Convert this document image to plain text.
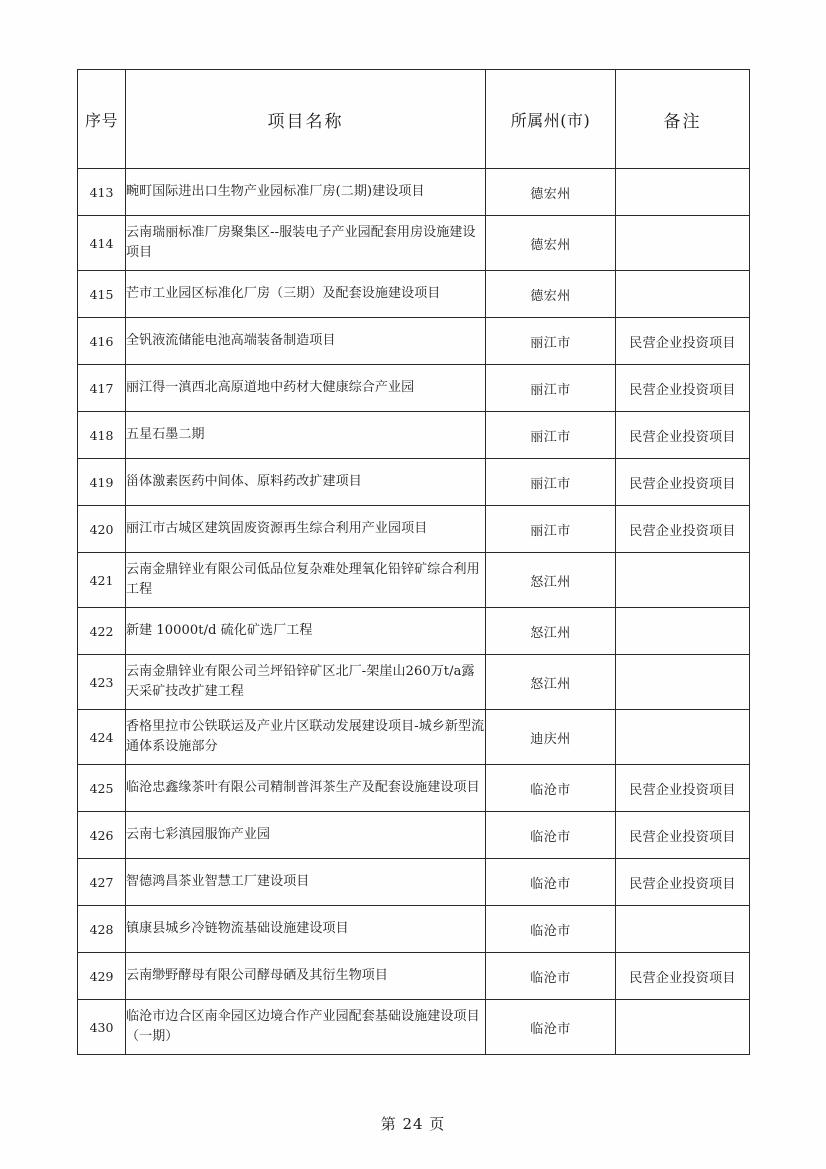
序号	项目名称	所属州(市)	备注
413	畹町国际进出口生物产业园标准厂房(二期)建设项目	德宏州	
414	云南瑞丽标准厂房聚集区--服装电子产业园配套用房设施建设项目	德宏州	
415	芒市工业园区标准化厂房（三期）及配套设施建设项目	德宏州	
416	全钒液流储能电池高端装备制造项目	丽江市	民营企业投资项目
417	丽江得一滇西北高原道地中药材大健康综合产业园	丽江市	民营企业投资项目
418	五星石墨二期	丽江市	民营企业投资项目
419	甾体激素医药中间体、原料药改扩建项目	丽江市	民营企业投资项目
420	丽江市古城区建筑固废资源再生综合利用产业园项目	丽江市	民营企业投资项目
421	云南金鼎锌业有限公司低品位复杂难处理氧化铅锌矿综合利用工程	怒江州	
422	新建 10000t/d 硫化矿选厂工程	怒江州	
423	云南金鼎锌业有限公司兰坪铅锌矿区北厂-架崖山260万t/a露天采矿技改扩建工程	怒江州	
424	香格里拉市公铁联运及产业片区联动发展建设项目-城乡新型流通体系设施部分	迪庆州	
425	临沧忠鑫缘茶叶有限公司精制普洱茶生产及配套设施建设项目	临沧市	民营企业投资项目
426	云南七彩滇园服饰产业园	临沧市	民营企业投资项目
427	智德鸿昌茶业智慧工厂建设项目	临沧市	民营企业投资项目
428	镇康县城乡冷链物流基础设施建设项目	临沧市	
429	云南缈野酵母有限公司酵母硒及其衍生物项目	临沧市	民营企业投资项目
430	临沧市边合区南伞园区边境合作产业园配套基础设施建设项目（一期）	临沧市	
第 24 页
